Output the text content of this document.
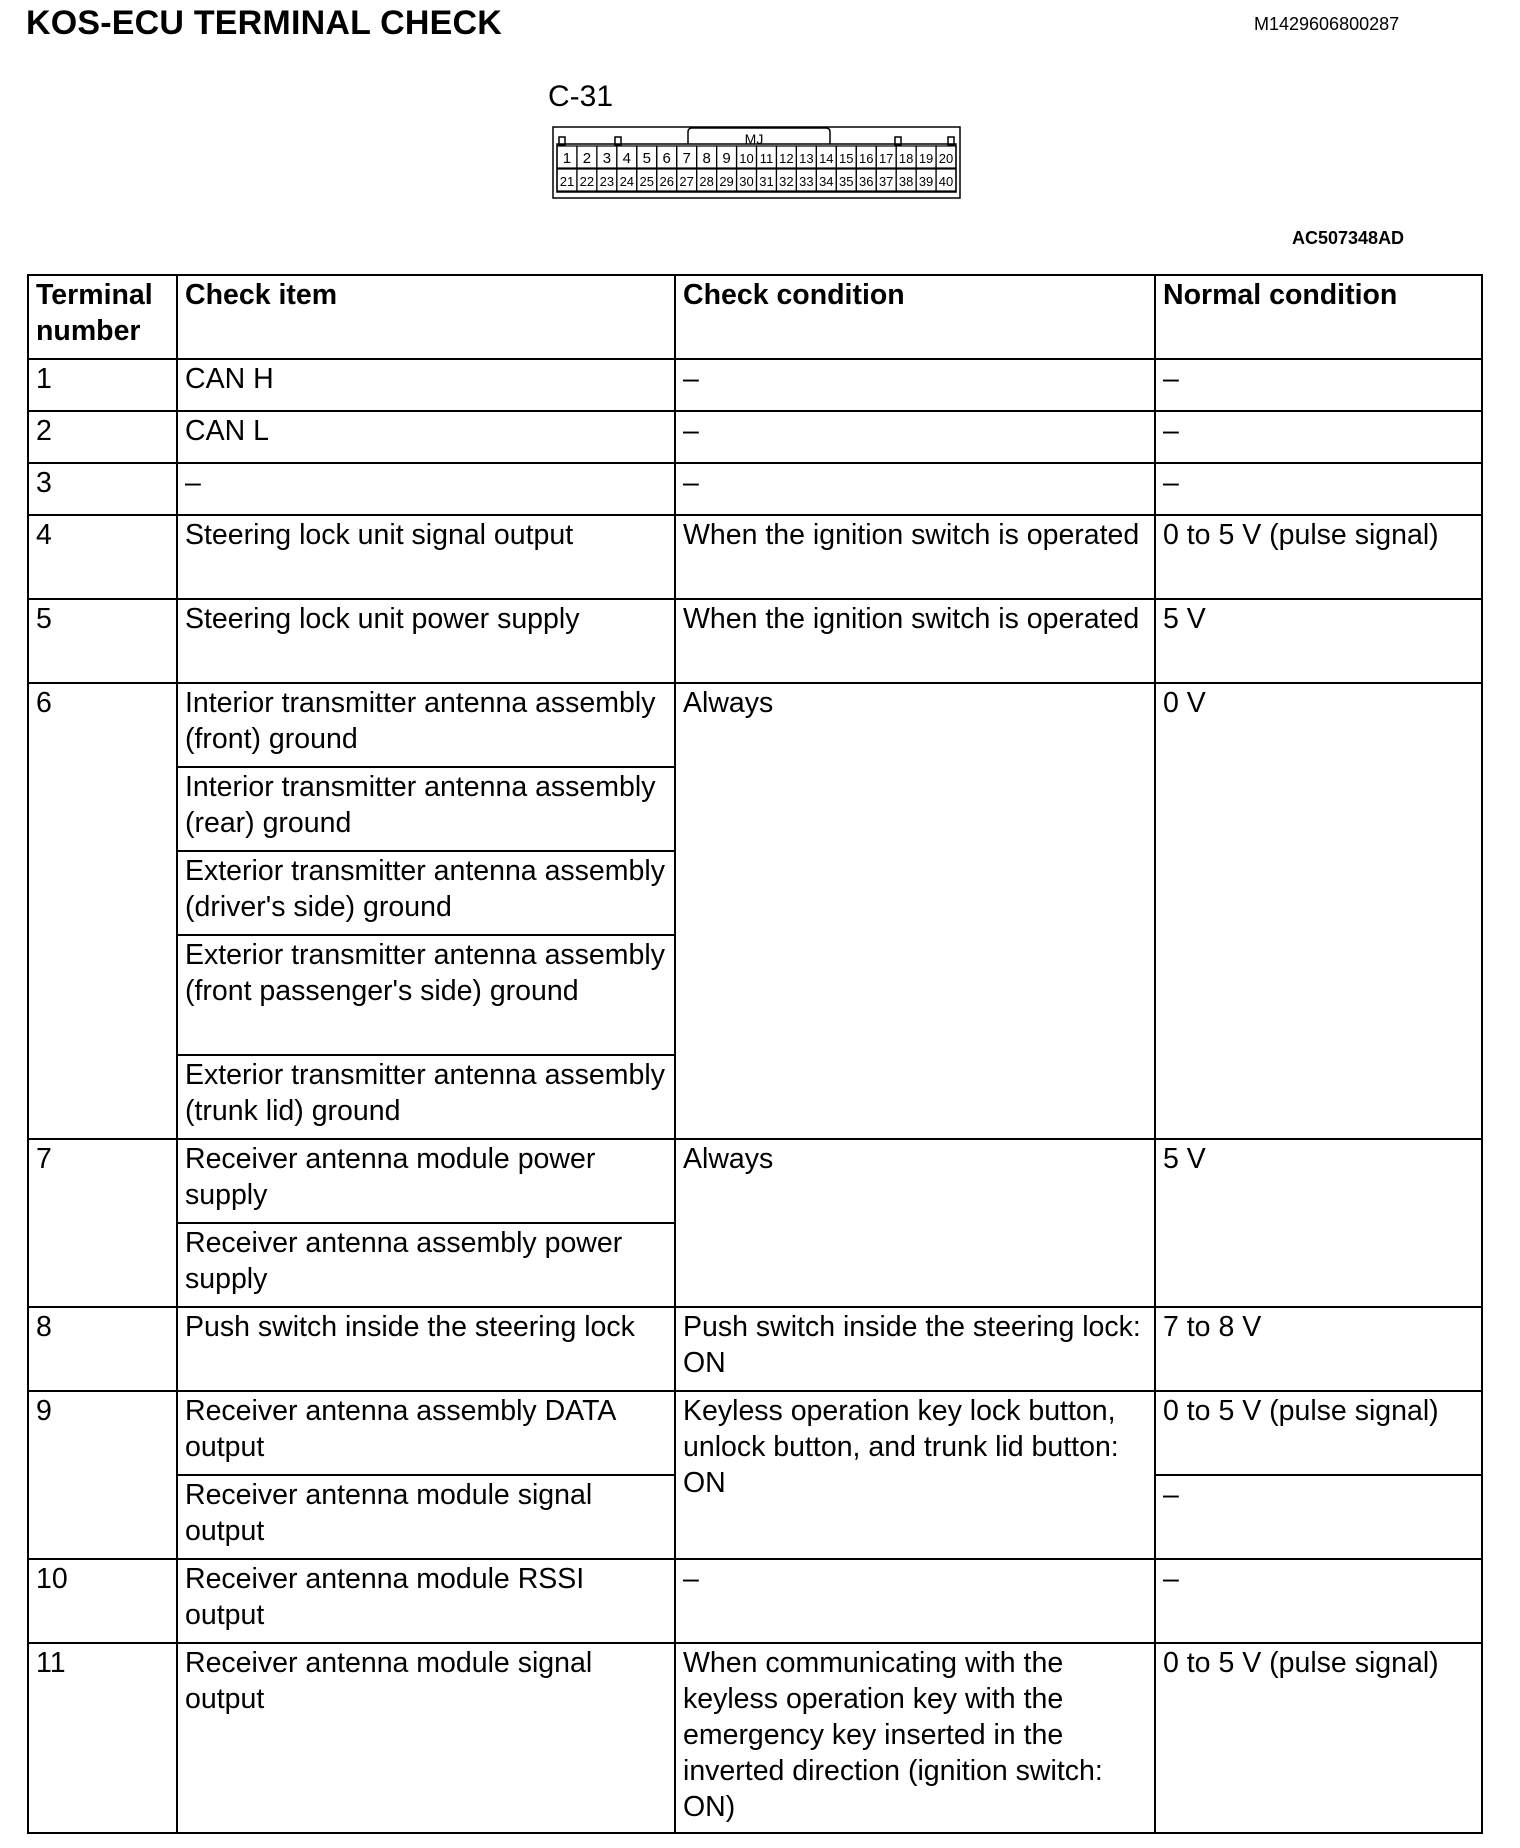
KOS-ECU TERMINAL CHECK	M1429606800287
C-31
MJ
1 2 3 4 5 6 7 8 9 10 11 12 13 14 15 16 17 18 19 20
21 22 23 24 25 26 27 28 29 30 31 32 33 34 35 36 37 38 39 40
AC507348AD
Terminal number	Check item	Check condition	Normal condition
1	CAN H	–	–
2	CAN L	–	–
3	–	–	–
4	Steering lock unit signal output	When the ignition switch is operated	0 to 5 V (pulse signal)
5	Steering lock unit power supply	When the ignition switch is operated	5 V
6	Interior transmitter antenna assembly (front) ground	Always	0 V
	Interior transmitter antenna assembly (rear) ground		
	Exterior transmitter antenna assembly (driver's side) ground		
	Exterior transmitter antenna assembly (front passenger's side) ground		
	Exterior transmitter antenna assembly (trunk lid) ground		
7	Receiver antenna module power supply	Always	5 V
	Receiver antenna assembly power supply		
8	Push switch inside the steering lock	Push switch inside the steering lock: ON	7 to 8 V
9	Receiver antenna assembly DATA output	Keyless operation key lock button, unlock button, and trunk lid button: ON	0 to 5 V (pulse signal)
	Receiver antenna module signal output		–
10	Receiver antenna module RSSI output	–	–
11	Receiver antenna module signal output	When communicating with the keyless operation key with the emergency key inserted in the inverted direction (ignition switch: ON)	0 to 5 V (pulse signal)
